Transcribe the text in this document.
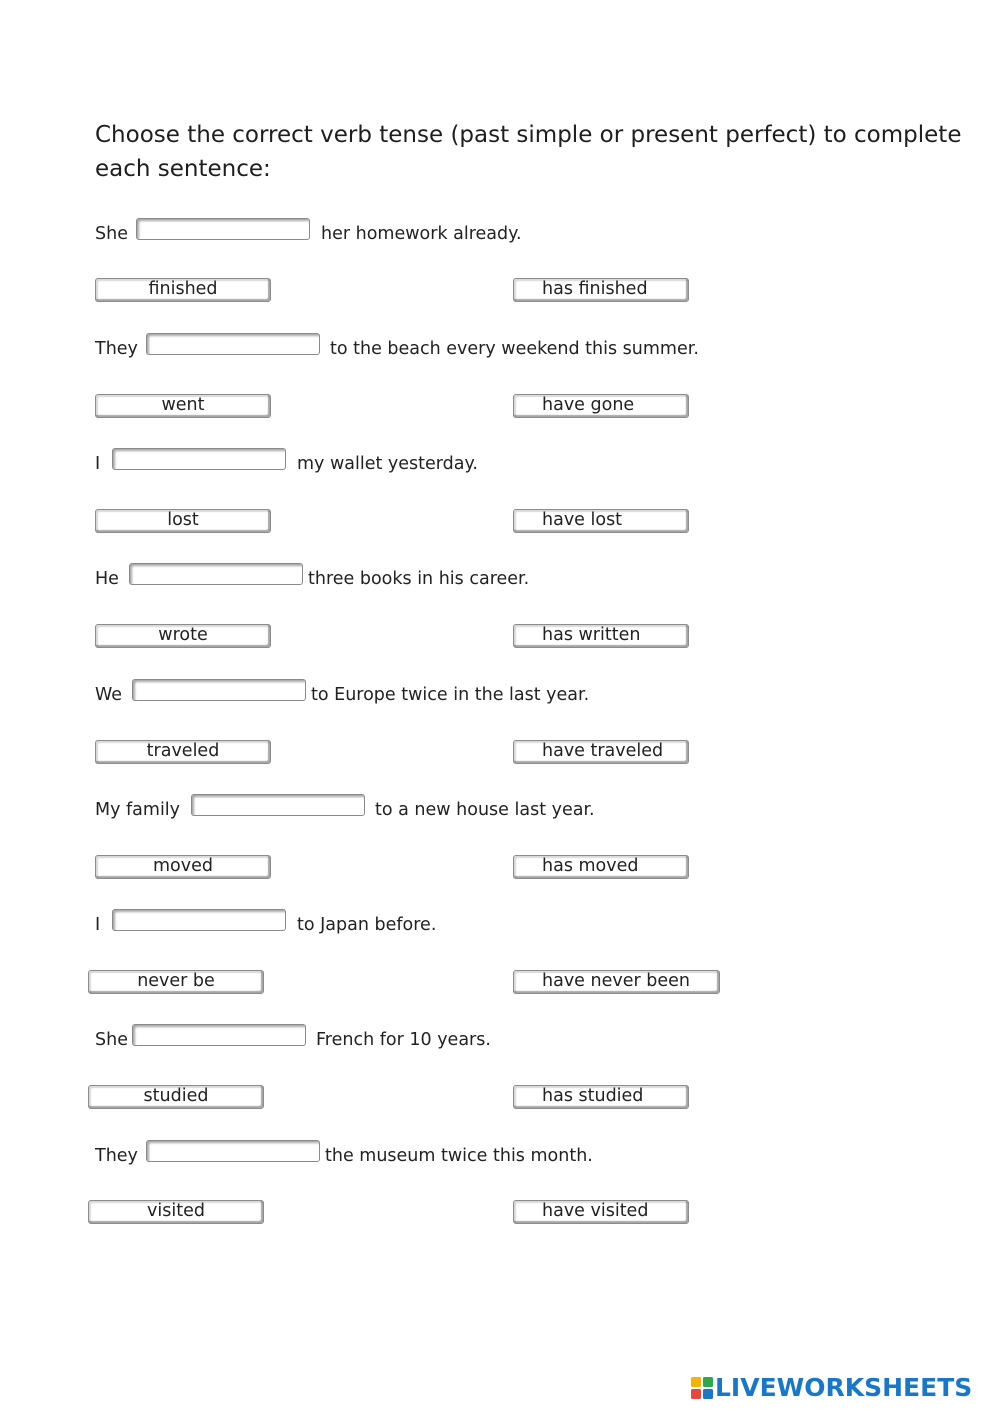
Choose the correct verb tense (past simple or present perfect) to complete
each sentence:
She	her homework already.
finished	has finished
They	to the beach every weekend this summer.
went	have gone
I	my wallet yesterday.
lost	have lost
He	three books in his career.
wrote	has written
We	to Europe twice in the last year.
traveled	have traveled
My family	to a new house last year.
moved	has moved
I	to Japan before.
never be	have never been
She	French for 10 years.
studied	has studied
They	the museum twice this month.
visited	have visited
LIVEWORKSHEETS
